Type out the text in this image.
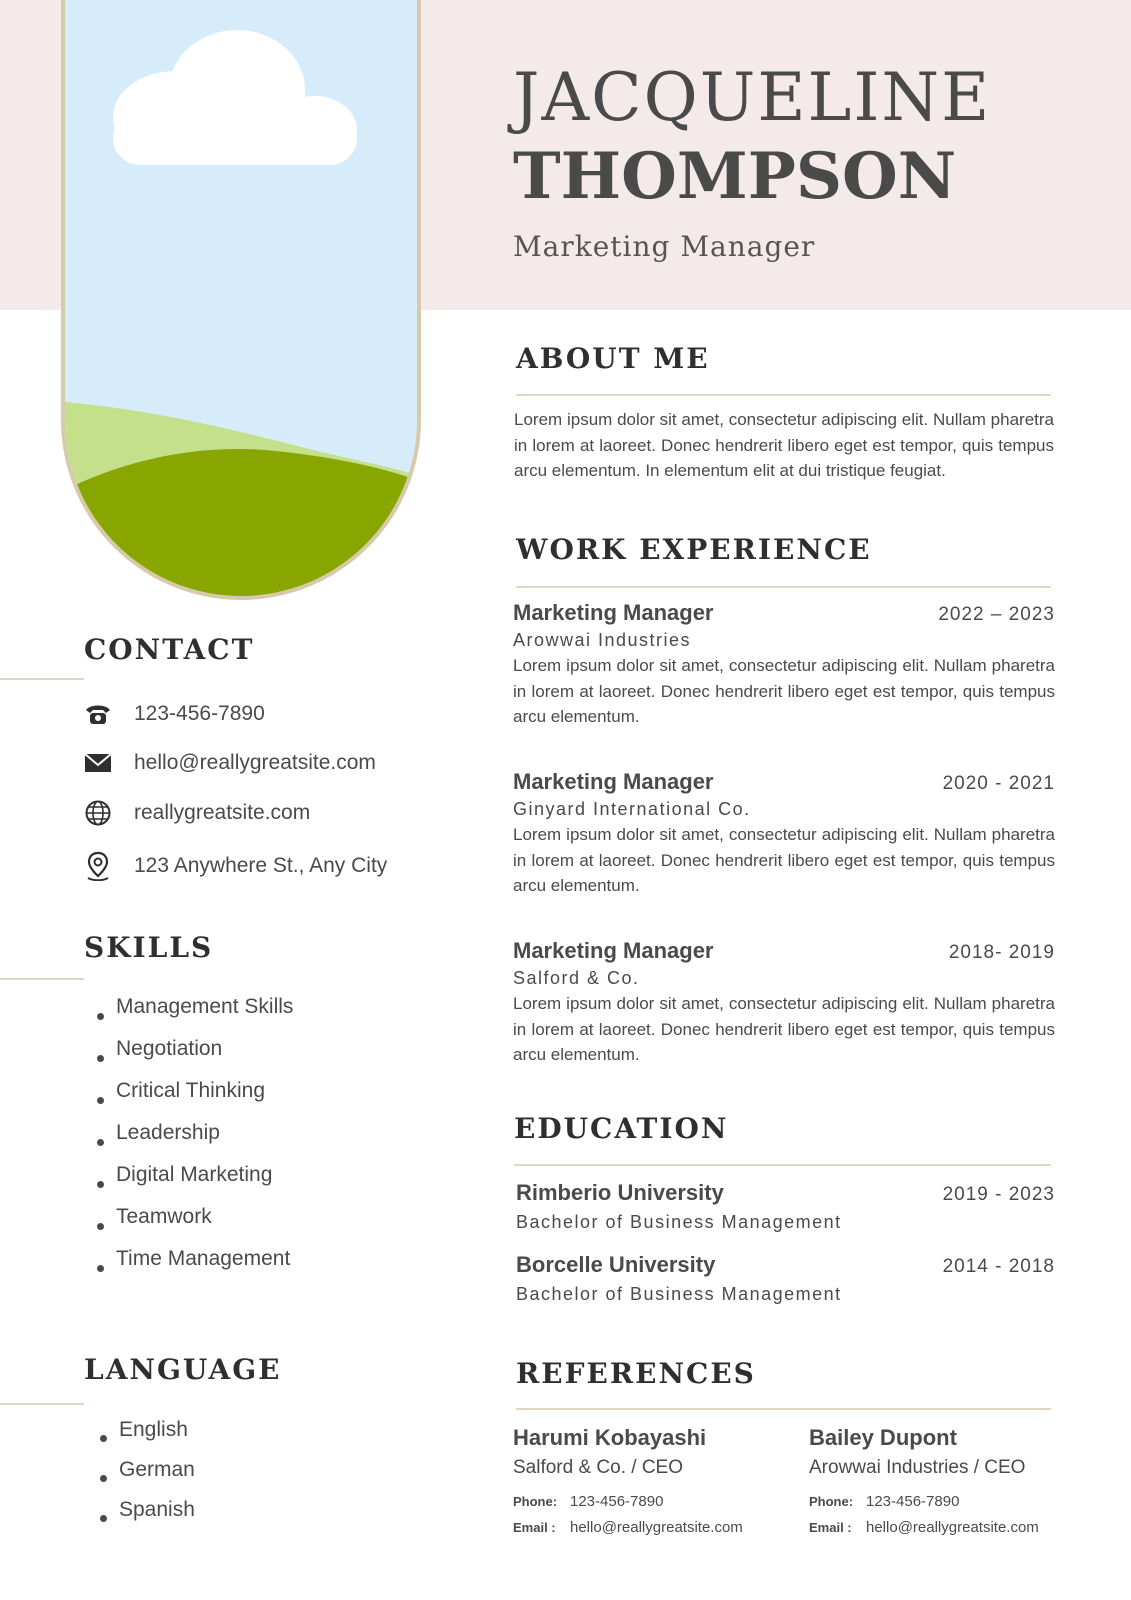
JACQUELINE
THOMPSON
Marketing Manager
ABOUT ME
Lorem ipsum dolor sit amet, consectetur adipiscing elit. Nullam pharetra in lorem at laoreet. Donec hendrerit libero eget est tempor, quis tempus arcu elementum. In elementum elit at dui tristique feugiat.
WORK EXPERIENCE
Marketing Manager	2022 – 2023
Arowwai Industries
Lorem ipsum dolor sit amet, consectetur adipiscing elit. Nullam pharetra in lorem at laoreet. Donec hendrerit libero eget est tempor, quis tempus arcu elementum.
Marketing Manager	2020 - 2021
Ginyard International Co.
Lorem ipsum dolor sit amet, consectetur adipiscing elit. Nullam pharetra in lorem at laoreet. Donec hendrerit libero eget est tempor, quis tempus arcu elementum.
Marketing Manager	2018- 2019
Salford & Co.
Lorem ipsum dolor sit amet, consectetur adipiscing elit. Nullam pharetra in lorem at laoreet. Donec hendrerit libero eget est tempor, quis tempus arcu elementum.
EDUCATION
Rimberio University	2019 - 2023
Bachelor of Business Management
Borcelle University	2014 - 2018
Bachelor of Business Management
REFERENCES
Harumi Kobayashi
Salford & Co. / CEO
Phone: 123-456-7890
Email : hello@reallygreatsite.com
Bailey Dupont
Arowwai Industries / CEO
Phone: 123-456-7890
Email : hello@reallygreatsite.com
CONTACT
123-456-7890
hello@reallygreatsite.com
reallygreatsite.com
123 Anywhere St., Any City
SKILLS
Management Skills
Negotiation
Critical Thinking
Leadership
Digital Marketing
Teamwork
Time Management
LANGUAGE
English
German
Spanish
